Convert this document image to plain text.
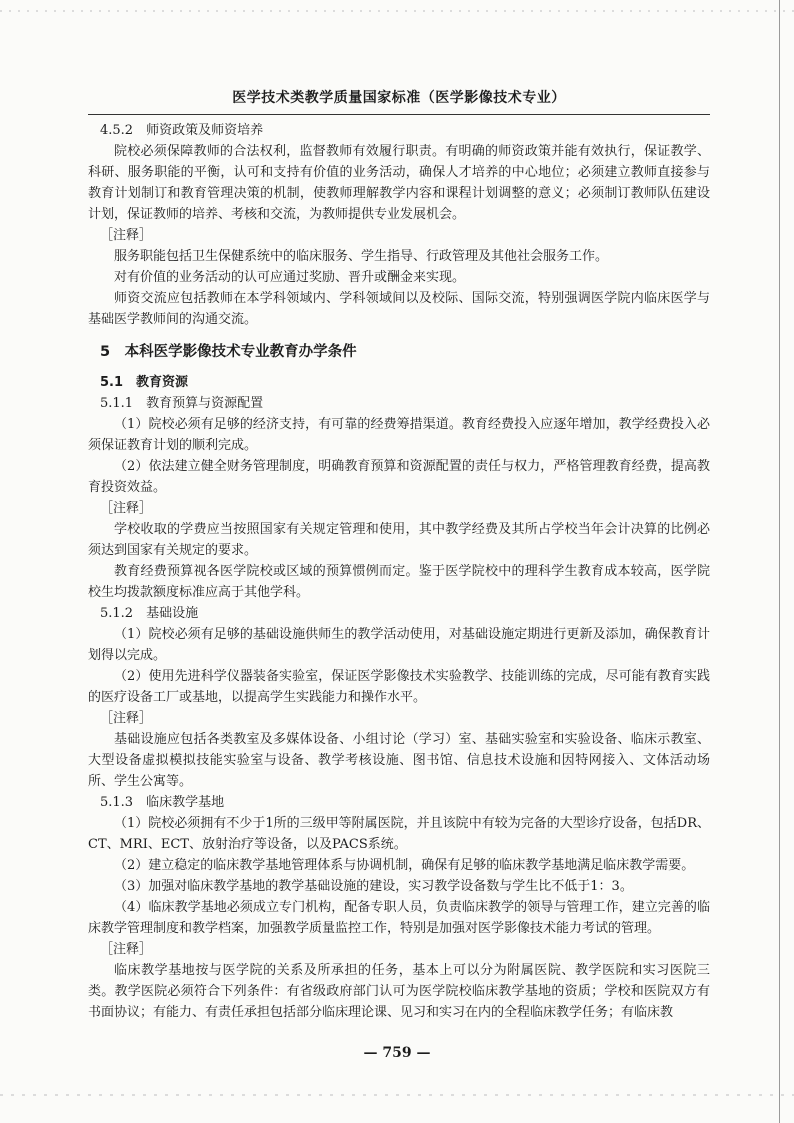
医学技术类教学质量国家标准（医学影像技术专业）

4.5.2　师资政策及师资培养

院校必须保障教师的合法权利，监督教师有效履行职责。有明确的师资政策并能有效执行，保证教学、科研、服务职能的平衡，认可和支持有价值的业务活动，确保人才培养的中心地位；必须建立教师直接参与教育计划制订和教育管理决策的机制，使教师理解教学内容和课程计划调整的意义；必须制订教师队伍建设计划，保证教师的培养、考核和交流，为教师提供专业发展机会。

［注释］

服务职能包括卫生保健系统中的临床服务、学生指导、行政管理及其他社会服务工作。

对有价值的业务活动的认可应通过奖励、晋升或酬金来实现。

师资交流应包括教师在本学科领域内、学科领域间以及校际、国际交流，特别强调医学院内临床医学与基础医学教师间的沟通交流。

5　本科医学影像技术专业教育办学条件

5.1　教育资源

5.1.1　教育预算与资源配置

（1）院校必须有足够的经济支持，有可靠的经费筹措渠道。教育经费投入应逐年增加，教学经费投入必须保证教育计划的顺利完成。

（2）依法建立健全财务管理制度，明确教育预算和资源配置的责任与权力，严格管理教育经费，提高教育投资效益。

［注释］

学校收取的学费应当按照国家有关规定管理和使用，其中教学经费及其所占学校当年会计决算的比例必须达到国家有关规定的要求。

教育经费预算视各医学院校或区域的预算惯例而定。鉴于医学院校中的理科学生教育成本较高，医学院校生均拨款额度标准应高于其他学科。

5.1.2　基础设施

（1）院校必须有足够的基础设施供师生的教学活动使用，对基础设施定期进行更新及添加，确保教育计划得以完成。

（2）使用先进科学仪器装备实验室，保证医学影像技术实验教学、技能训练的完成，尽可能有教育实践的医疗设备工厂或基地，以提高学生实践能力和操作水平。

［注释］

基础设施应包括各类教室及多媒体设备、小组讨论（学习）室、基础实验室和实验设备、临床示教室、大型设备虚拟模拟技能实验室与设备、教学考核设施、图书馆、信息技术设施和因特网接入、文体活动场所、学生公寓等。

5.1.3　临床教学基地

（1）院校必须拥有不少于1所的三级甲等附属医院，并且该院中有较为完备的大型诊疗设备，包括DR、CT、MRI、ECT、放射治疗等设备，以及PACS系统。

（2）建立稳定的临床教学基地管理体系与协调机制，确保有足够的临床教学基地满足临床教学需要。

（3）加强对临床教学基地的教学基础设施的建设，实习教学设备数与学生比不低于1：3。

（4）临床教学基地必须成立专门机构，配备专职人员，负责临床教学的领导与管理工作，建立完善的临床教学管理制度和教学档案，加强教学质量监控工作，特别是加强对医学影像技术能力考试的管理。

［注释］

临床教学基地按与医学院的关系及所承担的任务，基本上可以分为附属医院、教学医院和实习医院三类。教学医院必须符合下列条件：有省级政府部门认可为医学院校临床教学基地的资质；学校和医院双方有书面协议；有能力、有责任承担包括部分临床理论课、见习和实习在内的全程临床教学任务；有临床教

— 759 —
